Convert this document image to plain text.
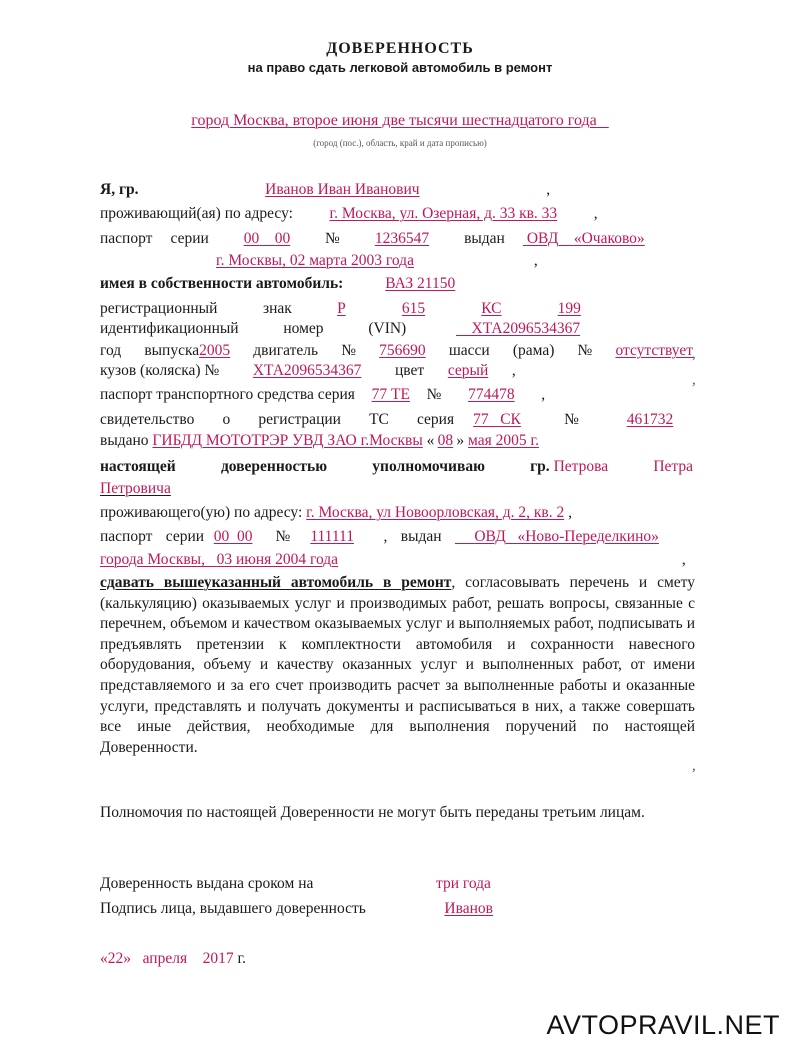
ДОВЕРЕННОСТЬ
на право сдать легковой автомобиль в ремонт
город Москва, второе июня две тысячи шестнадцатого года
(город (пос.), область, край и дата прописью)
Я, гр.	Иванов Иван Иванович	,
проживающий(ая) по адресу: г. Москва, ул. Озерная, д. 33 кв. 33 ,
паспорт серии	00 00	№	1236547	выдан ОВД «Очаково»
г. Москвы, 02 марта 2003 года	,
имея в собственности автомобиль:	ВАЗ 21150
регистрационный	знак	Р	615	КС	199
идентификационный	номер	(VIN)	ХТА2096534367
год выпуска2005 двигатель № 756690 шасси (рама) № отсутствует
кузов (коляска) № ХТА2096534367 цвет серый ,
паспорт транспортного средства серия 77 ТЕ № 774478 ,
свидетельство о регистрации ТС серия 77 СК	№	461732
выдано ГИБДД МОТОТРЭР УВД ЗАО г.Москвы « 08 » мая 2005 г.
настоящей	доверенностью	уполномочиваю	гр. Петрова	Петра
Петровича
проживающего(ую) по адресу: г. Москва, ул Новоорловская, д. 2, кв. 2 ,
паспорт серии 00 00	№ 111111	, выдан	ОВД «Ново-Переделкино»
города Москвы, 03 июня 2004 года	,
сдавать вышеуказанный автомобиль в ремонт, согласовывать перечень и смету (калькуляцию) оказываемых услуг и производимых работ, решать вопросы, связанные с перечнем, объемом и качеством оказываемых услуг и выполняемых работ, подписывать и предъявлять претензии к комплектности автомобиля и сохранности навесного оборудования, объему и качеству оказанных услуг и выполненных работ, от имени представляемого и за его счет производить расчет за выполненные работы и оказанные услуги, представлять и получать документы и расписываться в них, а также совершать все иные действия, необходимые для выполнения поручений по настоящей Доверенности.
Полномочия по настоящей Доверенности не могут быть переданы третьим лицам.
Доверенность выдана сроком на	три года
Подпись лица, выдавшего доверенность	Иванов
«22» апреля 2017 г.
,
,
,
AVTOPRAVIL.NET
